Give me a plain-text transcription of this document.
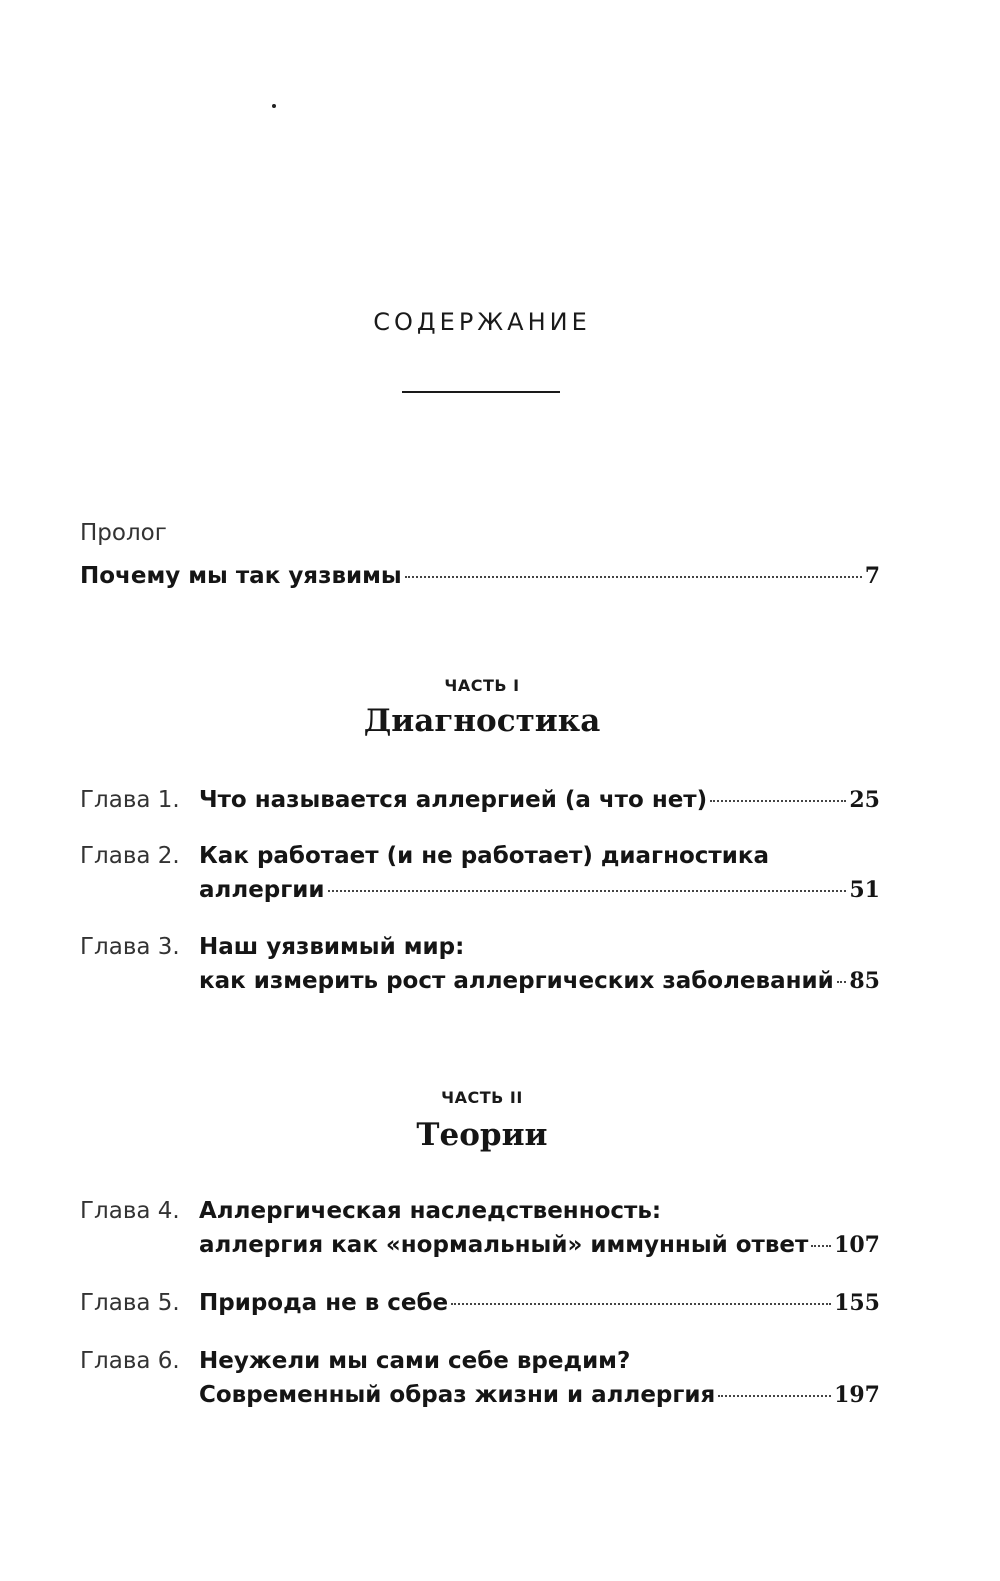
СОДЕРЖАНИЕ
Пролог
Почему мы так уязвимы	7
ЧАСТЬ I
Диагностика
Глава 1. Что называется аллергией (а что нет)	25
Глава 2. Как работает (и не работает) диагностика
аллергии	51
Глава 3. Наш уязвимый мир:
как измерить рост аллергических заболеваний 85
ЧАСТЬ II
Теории
Глава 4. Аллергическая наследственность:
аллергия как «нормальный» иммунный ответ 107
Глава 5. Природа не в себе	155
Глава 6. Неужели мы сами себе вредим?
Современный образ жизни и аллергия	197
